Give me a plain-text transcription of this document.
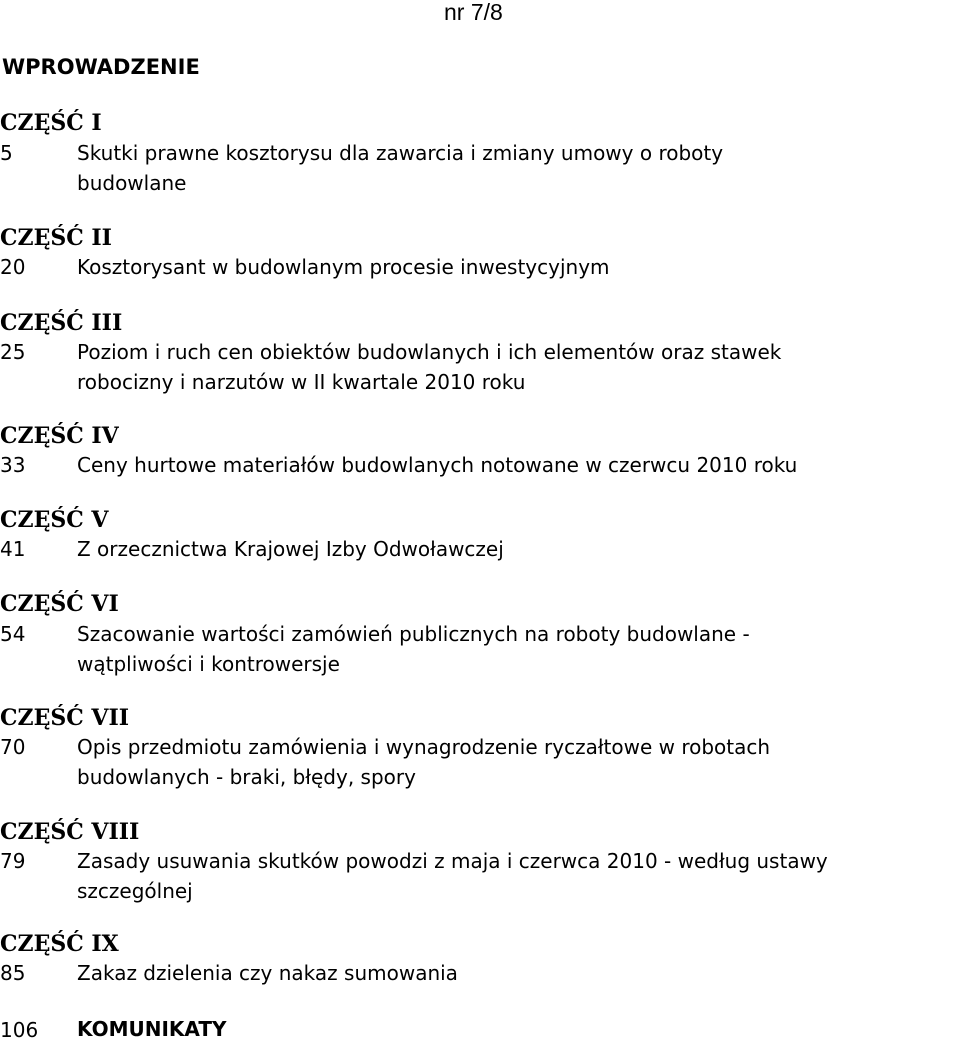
nr 7/8
WPROWADZENIE
CZĘŚĆ I
5	Skutki prawne kosztorysu dla zawarcia i zmiany umowy o roboty
budowlane
CZĘŚĆ II
20	Kosztorysant w budowlanym procesie inwestycyjnym
CZĘŚĆ III
25	Poziom i ruch cen obiektów budowlanych i ich elementów oraz stawek
robocizny i narzutów w II kwartale 2010 roku
CZĘŚĆ IV
33	Ceny hurtowe materiałów budowlanych notowane w czerwcu 2010 roku
CZĘŚĆ V
41	Z orzecznictwa Krajowej Izby Odwoławczej
CZĘŚĆ VI
54	Szacowanie wartości zamówień publicznych na roboty budowlane -
wątpliwości i kontrowersje
CZĘŚĆ VII
70	Opis przedmiotu zamówienia i wynagrodzenie ryczałtowe w robotach
budowlanych - braki, błędy, spory
CZĘŚĆ VIII
79	Zasady usuwania skutków powodzi z maja i czerwca 2010 - według ustawy
szczególnej
CZĘŚĆ IX
85	Zakaz dzielenia czy nakaz sumowania
106 KOMUNIKATY
